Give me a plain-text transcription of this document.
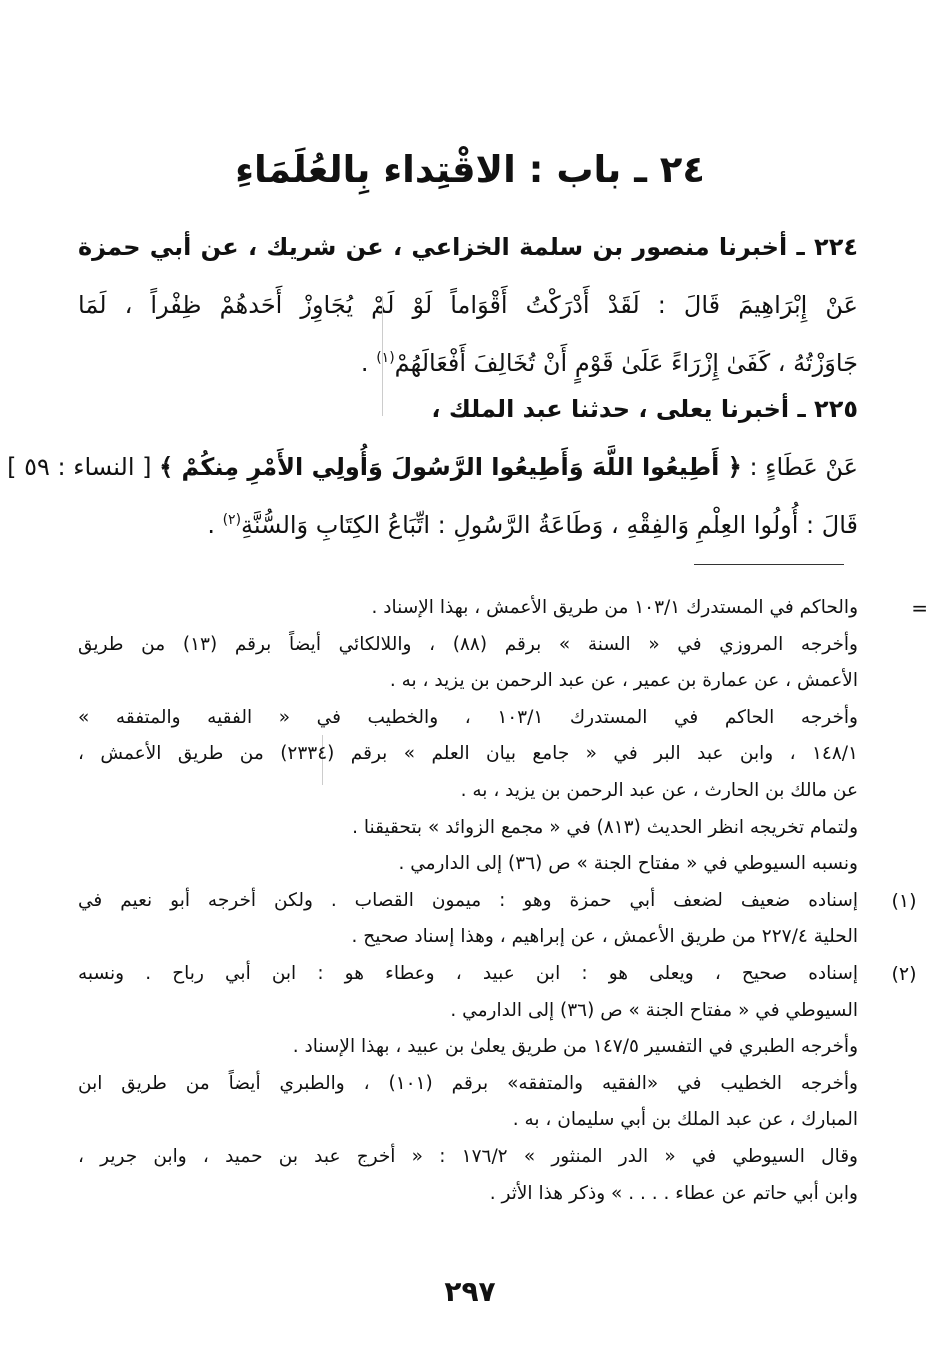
٢٤ ـ باب : الاقْتِداء بِالعُلَمَاءِ
٢٢٤ ـ أخبرنا منصور بن سلمة الخزاعي ، عن شريك ، عن أبي حمزة
عَنْ إِبْرَاهِيمَ قَالَ : لَقَدْ أَدْرَكْتُ أَقْوَاماً لَوْ لَمْ يُجَاوِزْ أَحَدهُمْ ظِفْراً ، لَمَا
جَاوَزْتُهُ ، كَفَىٰ إِزْرَاءً عَلَىٰ قَوْمٍ أَنْ تُخَالِفَ أَفْعَالَهُمْ$^{(١)}$ .
٢٢٥ ـ أخبرنا يعلى ، حدثنا عبد الملك ،
عَنْ عَطَاءٍ : ﴿ أَطِيعُوا اللَّهَ وَأَطِيعُوا الرَّسُولَ وَأُولِي الأَمْرِ مِنكُمْ ﴾ [ النساء : ٥٩ ]
قَالَ : أُولُوا العِلْمِ وَالفِقْهِ ، وَطَاعَةُ الرَّسُولِ : اتِّبَاعُ الكِتَابِ وَالسُّنَّةِ$^{(٢)}$ .
=
والحاكم في المستدرك ١٠٣/١ من طريق الأعمش ، بهذا الإسناد .
وأخرجه المروزي في « السنة » برقم (٨٨) ، واللالكائي أيضاً برقم (١٣) من طريق
الأعمش ، عن عمارة بن عمير ، عن عبد الرحمن بن يزيد ، به .
وأخرجه الحاكم في المستدرك ١٠٣/١ ، والخطيب في « الفقيه والمتفقه »
١٤٨/١ ، وابن عبد البر في « جامع بيان العلم » برقم (٢٣٣٤) من طريق الأعمش ،
عن مالك بن الحارث ، عن عبد الرحمن بن يزيد ، به .
ولتمام تخريجه انظر الحديث (٨١٣) في « مجمع الزوائد » بتحقيقنا .
ونسبه السيوطي في « مفتاح الجنة » ص (٣٦) إلى الدارمي .
(١)
إسناده ضعيف لضعف أبي حمزة وهو : ميمون القصاب . ولكن أخرجه أبو نعيم في
الحلية ٢٢٧/٤ من طريق الأعمش ، عن إبراهيم ، وهذا إسناد صحيح .
(٢)
إسناده صحيح ، ويعلى هو : ابن عبيد ، وعطاء هو : ابن أبي رباح . ونسبه
السيوطي في « مفتاح الجنة » ص (٣٦) إلى الدارمي .
وأخرجه الطبري في التفسير ١٤٧/٥ من طريق يعلىٰ بن عبيد ، بهذا الإسناد .
وأخرجه الخطيب في «الفقيه والمتفقه» برقم (١٠١) ، والطبري أيضاً من طريق ابن
المبارك ، عن عبد الملك بن أبي سليمان ، به .
وقال السيوطي في « الدر المنثور » ١٧٦/٢ : « أخرج عبد بن حميد ، وابن جرير ،
وابن أبي حاتم عن عطاء . . . . » وذكر هذا الأثر .
٢٩٧
